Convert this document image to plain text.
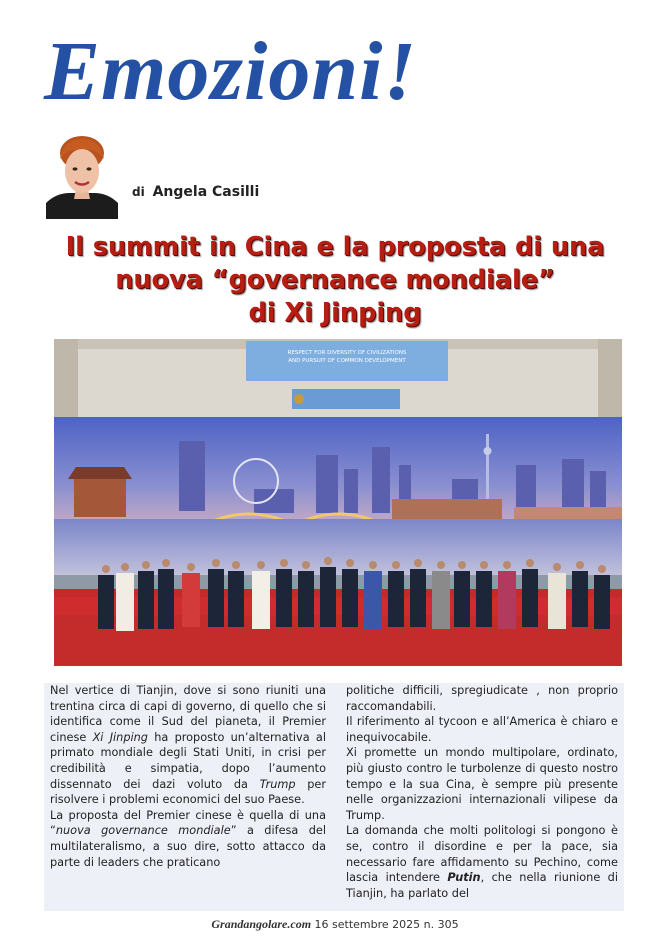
Emozioni!
di Angela Casilli
Il summit in Cina e la proposta di una
nuova “governance mondiale”
di Xi Jinping
RESPECT FOR DIVERSITY OF CIVILIZATIONS
AND PURSUIT OF COMMON DEVELOPMENT

Nel vertice di Tianjin, dove si sono riuniti una trentina circa di capi di governo, di quello che si identifica come il Sud del pianeta, il Premier cinese Xi Jinping ha proposto un’alternativa al primato mondiale degli Stati Uniti, in crisi per credibilità e simpatia, dopo l’aumento dissennato dei dazi voluto da Trump per risolvere i problemi economici del suo Paese.

La proposta del Premier cinese è quella di una “nuova governance mondiale” a difesa del multilateralismo, a suo dire, sotto attacco da parte di leaders che praticano

politiche difficili, spregiudicate , non proprio raccomandabili.

Il riferimento al tycoon e all’America è chiaro e inequivocabile.

Xi promette un mondo multipolare, ordinato, più giusto contro le turbolenze di questo nostro tempo e la sua Cina, è sempre più presente nelle organizzazioni internazionali vilipese da Trump.

La domanda che molti politologi si pongono è se, contro il disordine e per la pace, sia necessario fare affidamento su Pechino, come lascia intendere Putin, che nella riunione di Tianjin, ha parlato del

Grandangolare.com 16 settembre 2025 n. 305
